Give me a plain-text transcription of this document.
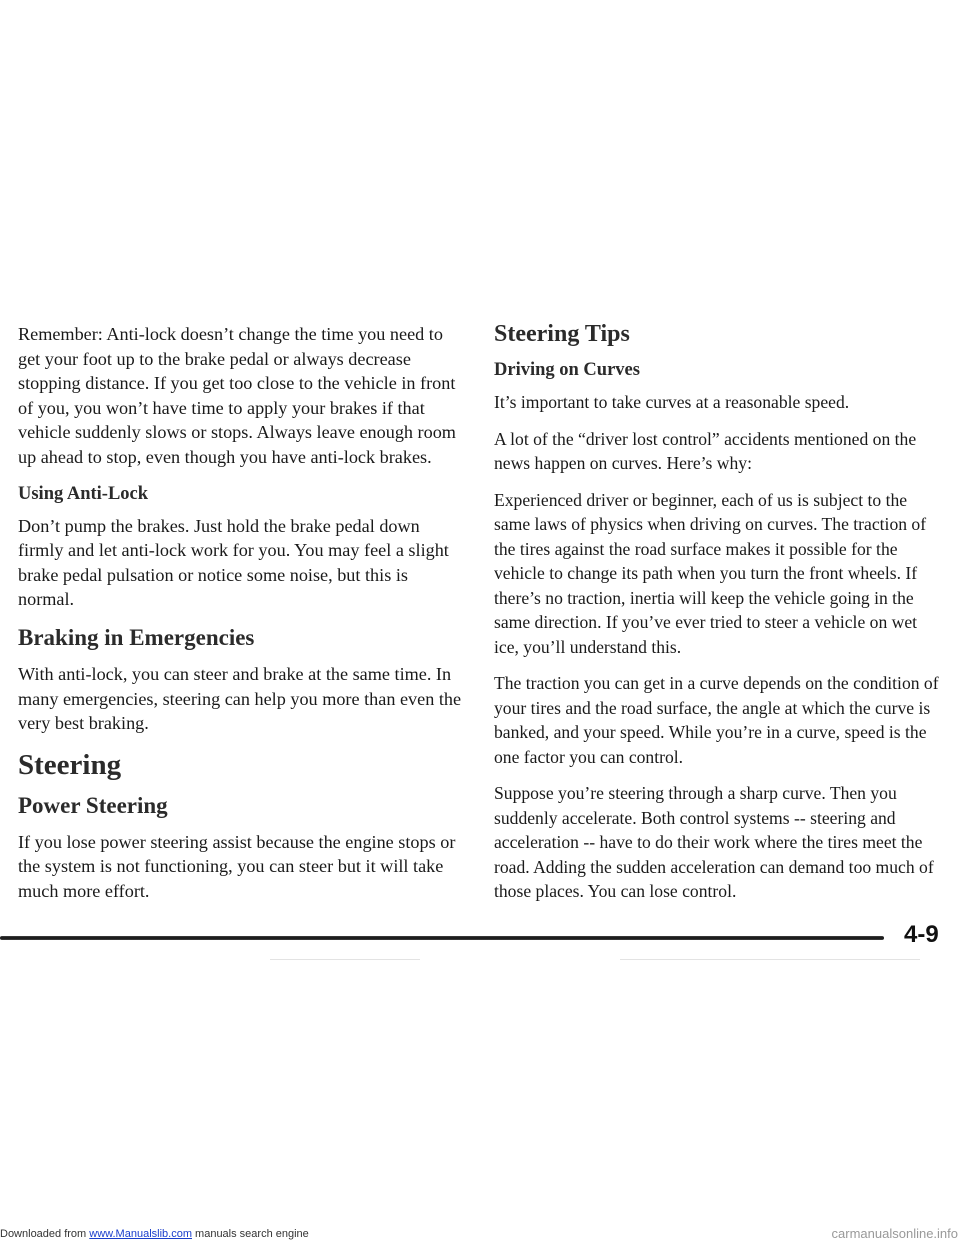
Remember: Anti-lock doesn’t change the time you need to get your foot up to the brake pedal or always decrease stopping distance. If you get too close to the vehicle in front of you, you won’t have time to apply your brakes if that vehicle suddenly slows or stops. Always leave enough room up ahead to stop, even though you have anti-lock brakes.

Using Anti-Lock

Don’t pump the brakes. Just hold the brake pedal down firmly and let anti-lock work for you. You may feel a slight brake pedal pulsation or notice some noise, but this is normal.

Braking in Emergencies

With anti-lock, you can steer and brake at the same time. In many emergencies, steering can help you more than even the very best braking.

Steering
Power Steering

If you lose power steering assist because the engine stops or the system is not functioning, you can steer but it will take much more effort.

Steering Tips
Driving on Curves

It’s important to take curves at a reasonable speed.

A lot of the “driver lost control” accidents mentioned on the news happen on curves. Here’s why:

Experienced driver or beginner, each of us is subject to the same laws of physics when driving on curves. The traction of the tires against the road surface makes it possible for the vehicle to change its path when you turn the front wheels. If there’s no traction, inertia will keep the vehicle going in the same direction. If you’ve ever tried to steer a vehicle on wet ice, you’ll understand this.

The traction you can get in a curve depends on the condition of your tires and the road surface, the angle at which the curve is banked, and your speed. While you’re in a curve, speed is the one factor you can control.

Suppose you’re steering through a sharp curve. Then you suddenly accelerate. Both control systems -- steering and acceleration -- have to do their work where the tires meet the road. Adding the sudden acceleration can demand too much of those places. You can lose control.

4-9
Downloaded from www.Manualslib.com manuals search engine	carmanualsonline.info
